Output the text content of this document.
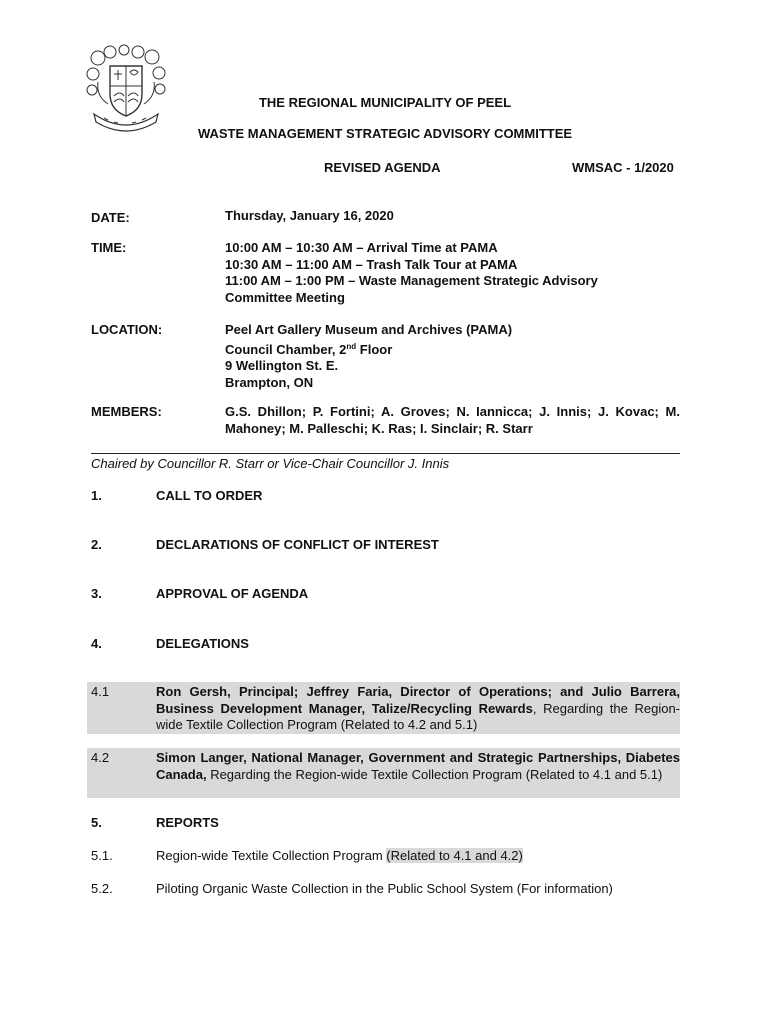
THE REGIONAL MUNICIPALITY OF PEEL
WASTE MANAGEMENT STRATEGIC ADVISORY COMMITTEE
REVISED AGENDA	WMSAC - 1/2020
DATE:	Thursday, January 16, 2020
TIME:	10:00 AM – 10:30 AM – Arrival Time at PAMA
10:30 AM – 11:00 AM – Trash Talk Tour at PAMA
11:00 AM – 1:00 PM – Waste Management Strategic Advisory
Committee Meeting
LOCATION:	Peel Art Gallery Museum and Archives (PAMA)
Council Chamber, 2nd Floor
9 Wellington St. E.
Brampton, ON
MEMBERS:	G.S. Dhillon; P. Fortini; A. Groves; N. Iannicca; J. Innis; J. Kovac; M. Mahoney; M. Palleschi; K. Ras; I. Sinclair; R. Starr
Chaired by Councillor R. Starr or Vice-Chair Councillor J. Innis
1.	CALL TO ORDER
2.	DECLARATIONS OF CONFLICT OF INTEREST
3.	APPROVAL OF AGENDA
4.	DELEGATIONS
4.1	Ron Gersh, Principal; Jeffrey Faria, Director of Operations; and Julio Barrera, Business Development Manager, Talize/Recycling Rewards, Regarding the Region-wide Textile Collection Program (Related to 4.2 and 5.1)
4.2	Simon Langer, National Manager, Government and Strategic Partnerships, Diabetes Canada, Regarding the Region-wide Textile Collection Program (Related to 4.1 and 5.1)
5.	REPORTS
5.1.	Region-wide Textile Collection Program (Related to 4.1 and 4.2)
5.2.	Piloting Organic Waste Collection in the Public School System (For information)
